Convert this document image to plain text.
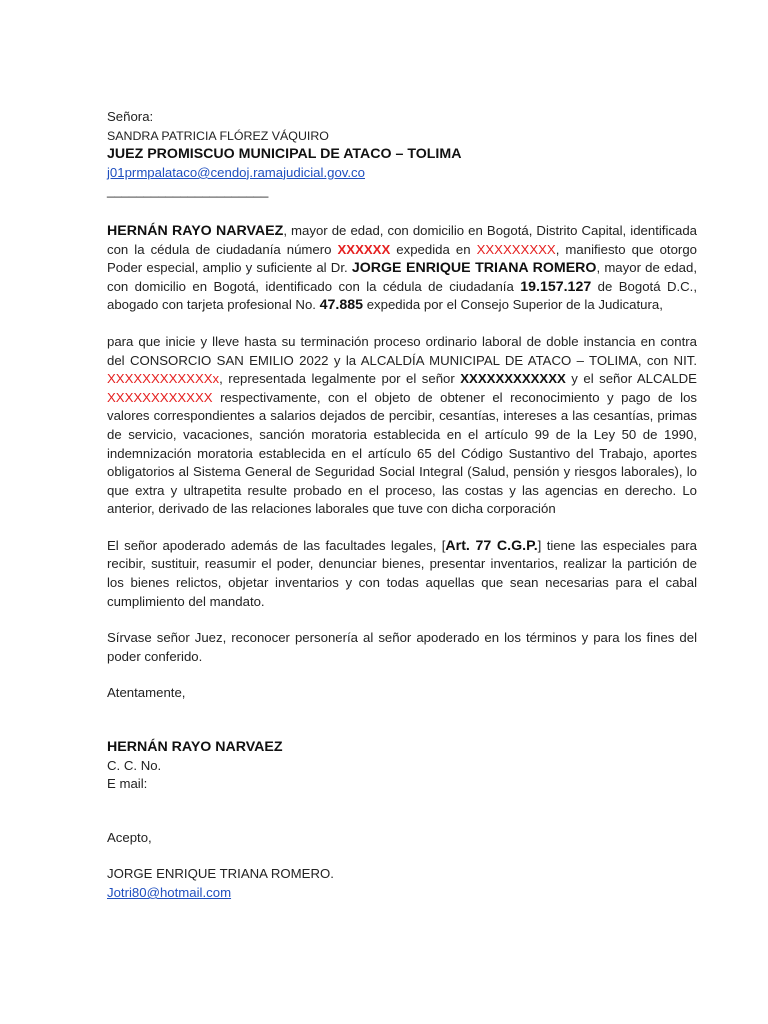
Señora:
SANDRA PATRICIA FLÓREZ VÁQUIRO
JUEZ PROMISCUO MUNICIPAL DE ATACO – TOLIMA
j01prmpalataco@cendoj.ramajudicial.gov.co
______________________

HERNÁN RAYO NARVAEZ, mayor de edad, con domicilio en Bogotá, Distrito Capital, identificada con la cédula de ciudadanía número XXXXXX expedida en XXXXXXXXX, manifiesto que otorgo Poder especial, amplio y suficiente al Dr. JORGE ENRIQUE TRIANA ROMERO, mayor de edad, con domicilio en Bogotá, identificado con la cédula de ciudadanía 19.157.127 de Bogotá D.C., abogado con tarjeta profesional No. 47.885 expedida por el Consejo Superior de la Judicatura,

para que inicie y lleve hasta su terminación proceso ordinario laboral de doble instancia en contra del CONSORCIO SAN EMILIO 2022 y la ALCALDÍA MUNICIPAL DE ATACO – TOLIMA, con NIT. XXXXXXXXXXXXx, representada legalmente por el señor XXXXXXXXXXXX y el señor ALCALDE XXXXXXXXXXXX respectivamente, con el objeto de obtener el reconocimiento y pago de los valores correspondientes a salarios dejados de percibir, cesantías, intereses a las cesantías, primas de servicio, vacaciones, sanción moratoria establecida en el artículo 99 de la Ley 50 de 1990, indemnización moratoria establecida en el artículo 65 del Código Sustantivo del Trabajo, aportes obligatorios al Sistema General de Seguridad Social Integral (Salud, pensión y riesgos laborales), lo que extra y ultrapetita resulte probado en el proceso, las costas y las agencias en derecho. Lo anterior, derivado de las relaciones laborales que tuve con dicha corporación

El señor apoderado además de las facultades legales, [Art. 77 C.G.P.] tiene las especiales para recibir, sustituir, reasumir el poder, denunciar bienes, presentar inventarios, realizar la partición de los bienes relictos, objetar inventarios y con todas aquellas que sean necesarias para el cabal cumplimiento del mandato.

Sírvase señor Juez, reconocer personería al señor apoderado en los términos y para los fines del poder conferido.

Atentamente,
HERNÁN RAYO NARVAEZ
C. C. No.
E mail:
Acepto,
JORGE ENRIQUE TRIANA ROMERO.
Jotri80@hotmail.com
